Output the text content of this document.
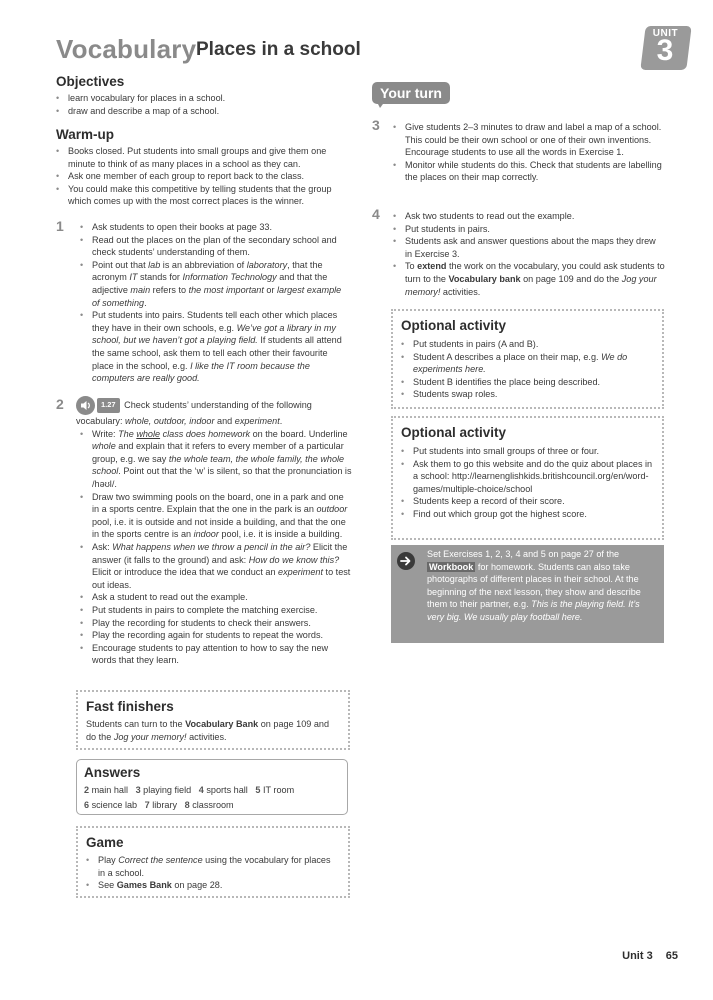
Vocabulary Places in a school
UNIT
3
Objectives
• learn vocabulary for places in a school.
• draw and describe a map of a school.
Warm-up
• Books closed. Put students into small groups and give them one minute to think of as many places in a school as they can.
• Ask one member of each group to report back to the class.
• You could make this competitive by telling students that the group which comes up with the most correct places is the winner.
1	• Ask students to open their books at page 33.
• Read out the places on the plan of the secondary school and check students’ understanding of them.
• Point out that lab is an abbreviation of laboratory, that the acronym IT stands for Information Technology and that the adjective main refers to the most important or largest example of something.
• Put students into pairs. Students tell each other which places they have in their own schools, e.g. We’ve got a library in my school, but we haven’t got a playing field. If students all attend the same school, ask them to tell each other their favourite place in the school, e.g. I like the IT room because the computers are really good.
2	1.27 Check students’ understanding of the following vocabulary: whole, outdoor, indoor and experiment.
• Write: The whole class does homework on the board. Underline whole and explain that it refers to every member of a particular group, e.g. we say the whole team, the whole family, the whole school. Point out that the ‘w’ is silent, so that the pronunciation is /həʊl/.
• Draw two swimming pools on the board, one in a park and one in a sports centre. Explain that the one in the park is an outdoor pool, i.e. it is outside and not inside a building, and that the one in the sports centre is an indoor pool, i.e. it is inside a building.
• Ask: What happens when we throw a pencil in the air? Elicit the answer (it falls to the ground) and ask: How do we know this? Elicit or introduce the idea that we conduct an experiment to test out ideas.
• Ask a student to read out the example.
• Put students in pairs to complete the matching exercise.
• Play the recording for students to check their answers.
• Play the recording again for students to repeat the words.
• Encourage students to pay attention to how to say the new words that they learn.
Fast finishers
Students can turn to the Vocabulary Bank on page 109 and do the Jog your memory! activities.
Answers
2 main hall   3 playing field   4 sports hall   5 IT room
6 science lab   7 library   8 classroom
Game
• Play Correct the sentence using the vocabulary for places in a school.
• See Games Bank on page 28.
Your turn
3	• Give students 2–3 minutes to draw and label a map of a school. This could be their own school or one of their own inventions. Encourage students to use all the words in Exercise 1.
• Monitor while students do this. Check that students are labelling the places on their map correctly.
4	• Ask two students to read out the example.
• Put students in pairs.
• Students ask and answer questions about the maps they drew in Exercise 3.
• To extend the work on the vocabulary, you could ask students to turn to the Vocabulary bank on page 109 and do the Jog your memory! activities.
Optional activity
• Put students in pairs (A and B).
• Student A describes a place on their map, e.g. We do experiments here.
• Student B identifies the place being described.
• Students swap roles.
Optional activity
• Put students into small groups of three or four.
• Ask them to go this website and do the quiz about places in a school: http://learnenglishkids.britishcouncil.org/en/word-games/multiple-choice/school
• Students keep a record of their score.
• Find out which group got the highest score.
Set Exercises 1, 2, 3, 4 and 5 on page 27 of the Workbook for homework. Students can also take photographs of different places in their school. At the beginning of the next lesson, they show and describe them to their partner, e.g. This is the playing field. It’s very big. We usually play football here.
Unit 3 65
